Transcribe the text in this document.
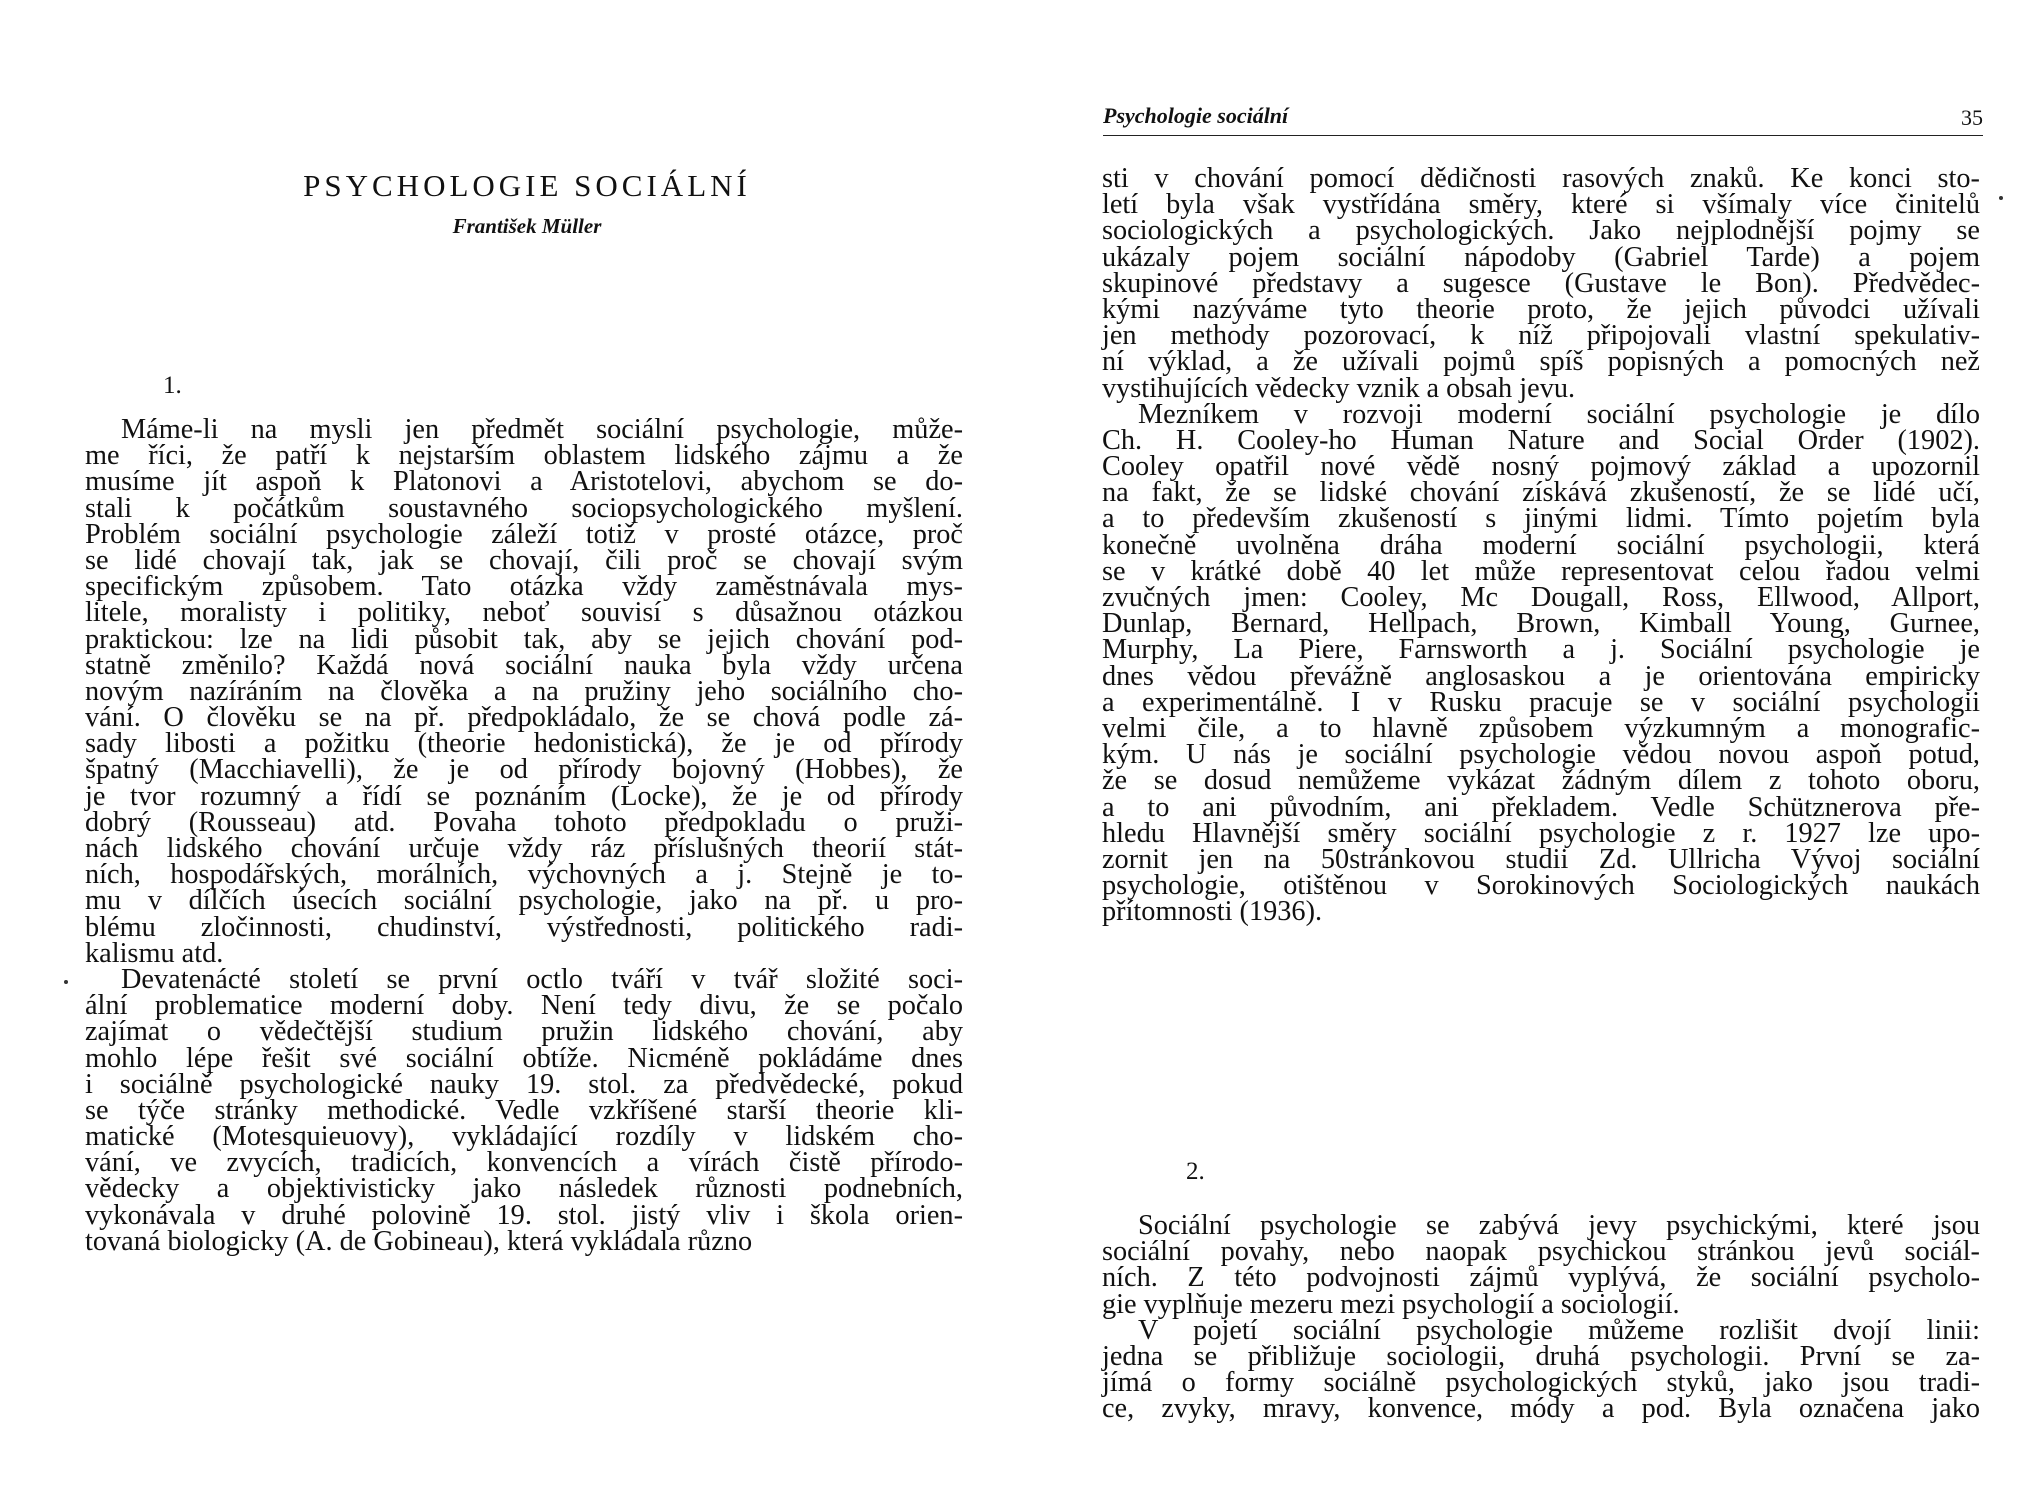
PSYCHOLOGIE SOCIÁLNÍ
František Müller
1.
Máme-li na mysli jen předmět sociální psychologie, může-
me říci, že patří k nejstarším oblastem lidského zájmu a že
musíme jít aspoň k Platonovi a Aristotelovi, abychom se do-
stali k počátkům soustavného sociopsychologického myšlení.
Problém sociální psychologie záleží totiž v prosté otázce, proč
se lidé chovají tak, jak se chovají, čili proč se chovají svým
specifickým způsobem. Tato otázka vždy zaměstnávala mys-
litele, moralisty i politiky, neboť souvisí s důsažnou otázkou
praktickou: lze na lidi působit tak, aby se jejich chování pod-
statně změnilo? Každá nová sociální nauka byla vždy určena
novým nazíráním na člověka a na pružiny jeho sociálního cho-
vání. O člověku se na př. předpokládalo, že se chová podle zá-
sady libosti a požitku (theorie hedonistická), že je od přírody
špatný (Macchiavelli), že je od přírody bojovný (Hobbes), že
je tvor rozumný a řídí se poznáním (Locke), že je od přírody
dobrý (Rousseau) atd. Povaha tohoto předpokladu o pruži-
nách lidského chování určuje vždy ráz příslušných theorií stát-
ních, hospodářských, morálních, výchovných a j. Stejně je to-
mu v dílčích úsecích sociální psychologie, jako na př. u pro-
blému zločinnosti, chudinství, výstřednosti, politického radi-
kalismu atd.
Devatenácté století se první octlo tváří v tvář složité soci-
ální problematice moderní doby. Není tedy divu, že se počalo
zajímat o vědečtější studium pružin lidského chování, aby
mohlo lépe řešit své sociální obtíže. Nicméně pokládáme dnes
i sociálně psychologické nauky 19. stol. za předvědecké, pokud
se týče stránky methodické. Vedle vzkříšené starší theorie kli-
matické (Motesquieuovy), vykládající rozdíly v lidském cho-
vání, ve zvycích, tradicích, konvencích a vírách čistě přírodo-
vědecky a objektivisticky jako následek různosti podnebních,
vykonávala v druhé polovině 19. stol. jistý vliv i škola orien-
tovaná biologicky (A. de Gobineau), která vykládala různo
Psychologie sociální	35
sti v chování pomocí dědičnosti rasových znaků. Ke konci sto-
letí byla však vystřídána směry, které si všímaly více činitelů
sociologických a psychologických. Jako nejplodnější pojmy se
ukázaly pojem sociální nápodoby (Gabriel Tarde) a pojem
skupinové představy a sugesce (Gustave le Bon). Předvědec-
kými nazýváme tyto theorie proto, že jejich původci užívali
jen methody pozorovací, k níž připojovali vlastní spekulativ-
ní výklad, a že užívali pojmů spíš popisných a pomocných než
vystihujících vědecky vznik a obsah jevu.
Mezníkem v rozvoji moderní sociální psychologie je dílo
Ch. H. Cooley-ho Human Nature and Social Order (1902).
Cooley opatřil nové vědě nosný pojmový základ a upozornil
na fakt, že se lidské chování získává zkušeností, že se lidé učí,
a to především zkušeností s jinými lidmi. Tímto pojetím byla
konečně uvolněna dráha moderní sociální psychologii, která
se v krátké době 40 let může representovat celou řadou velmi
zvučných jmen: Cooley, Mc Dougall, Ross, Ellwood, Allport,
Dunlap, Bernard, Hellpach, Brown, Kimball Young, Gurnee,
Murphy, La Piere, Farnsworth a j. Sociální psychologie je
dnes vědou převážně anglosaskou a je orientována empiricky
a experimentálně. I v Rusku pracuje se v sociální psychologii
velmi čile, a to hlavně způsobem výzkumným a monografic-
kým. U nás je sociální psychologie vědou novou aspoň potud,
že se dosud nemůžeme vykázat žádným dílem z tohoto oboru,
a to ani původním, ani překladem. Vedle Schütznerova pře-
hledu Hlavnější směry sociální psychologie z r. 1927 lze upo-
zornit jen na 50stránkovou studii Zd. Ullricha Vývoj sociální
psychologie, otištěnou v Sorokinových Sociologických naukách
přítomnosti (1936).
2.
Sociální psychologie se zabývá jevy psychickými, které jsou
sociální povahy, nebo naopak psychickou stránkou jevů sociál-
ních. Z této podvojnosti zájmů vyplývá, že sociální psycholo-
gie vyplňuje mezeru mezi psychologií a sociologií.
V pojetí sociální psychologie můžeme rozlišit dvojí linii:
jedna se přibližuje sociologii, druhá psychologii. První se za-
jímá o formy sociálně psychologických styků, jako jsou tradi-
ce, zvyky, mravy, konvence, módy a pod. Byla označena jako
